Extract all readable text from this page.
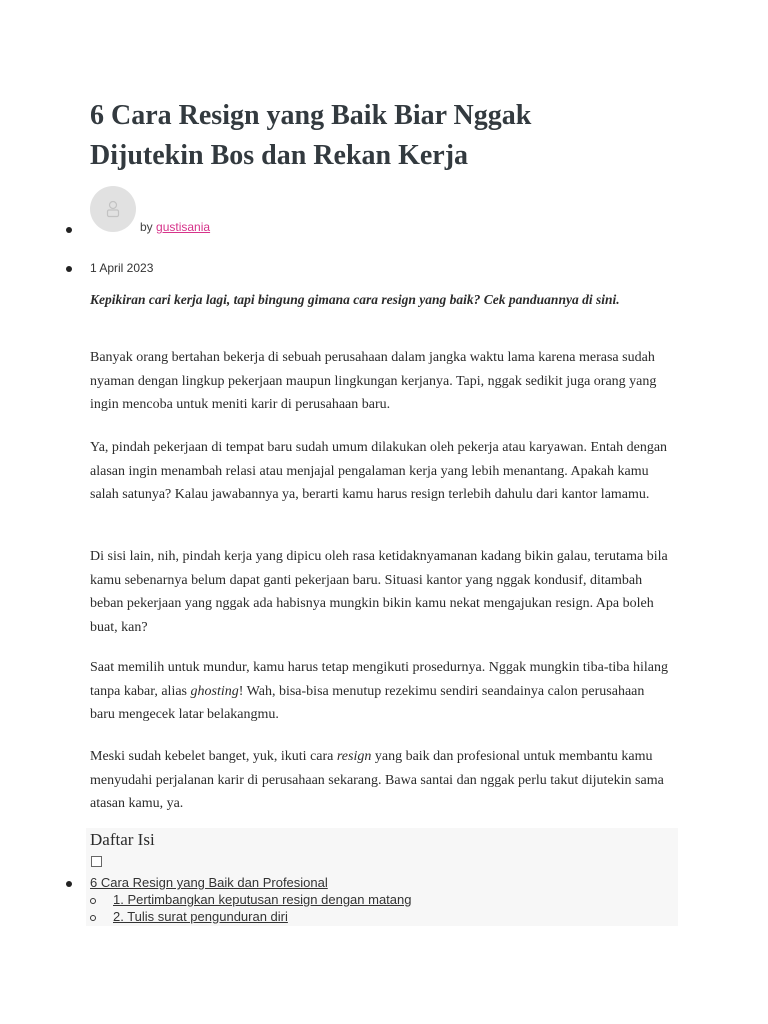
6 Cara Resign yang Baik Biar Nggak Dijutekin Bos dan Rekan Kerja
by gustisania
1 April 2023

Kepikiran cari kerja lagi, tapi bingung gimana cara resign yang baik? Cek panduannya di sini.

Banyak orang bertahan bekerja di sebuah perusahaan dalam jangka waktu lama karena merasa sudah nyaman dengan lingkup pekerjaan maupun lingkungan kerjanya. Tapi, nggak sedikit juga orang yang ingin mencoba untuk meniti karir di perusahaan baru.

Ya, pindah pekerjaan di tempat baru sudah umum dilakukan oleh pekerja atau karyawan. Entah dengan alasan ingin menambah relasi atau menjajal pengalaman kerja yang lebih menantang. Apakah kamu salah satunya? Kalau jawabannya ya, berarti kamu harus resign terlebih dahulu dari kantor lamamu.

Di sisi lain, nih, pindah kerja yang dipicu oleh rasa ketidaknyamanan kadang bikin galau, terutama bila kamu sebenarnya belum dapat ganti pekerjaan baru. Situasi kantor yang nggak kondusif, ditambah beban pekerjaan yang nggak ada habisnya mungkin bikin kamu nekat mengajukan resign. Apa boleh buat, kan?

Saat memilih untuk mundur, kamu harus tetap mengikuti prosedurnya. Nggak mungkin tiba-tiba hilang tanpa kabar, alias ghosting! Wah, bisa-bisa menutup rezekimu sendiri seandainya calon perusahaan baru mengecek latar belakangmu.

Meski sudah kebelet banget, yuk, ikuti cara resign yang baik dan profesional untuk membantu kamu menyudahi perjalanan karir di perusahaan sekarang. Bawa santai dan nggak perlu takut dijutekin sama atasan kamu, ya.

Daftar Isi
6 Cara Resign yang Baik dan Profesional
1. Pertimbangkan keputusan resign dengan matang
2. Tulis surat pengunduran diri
